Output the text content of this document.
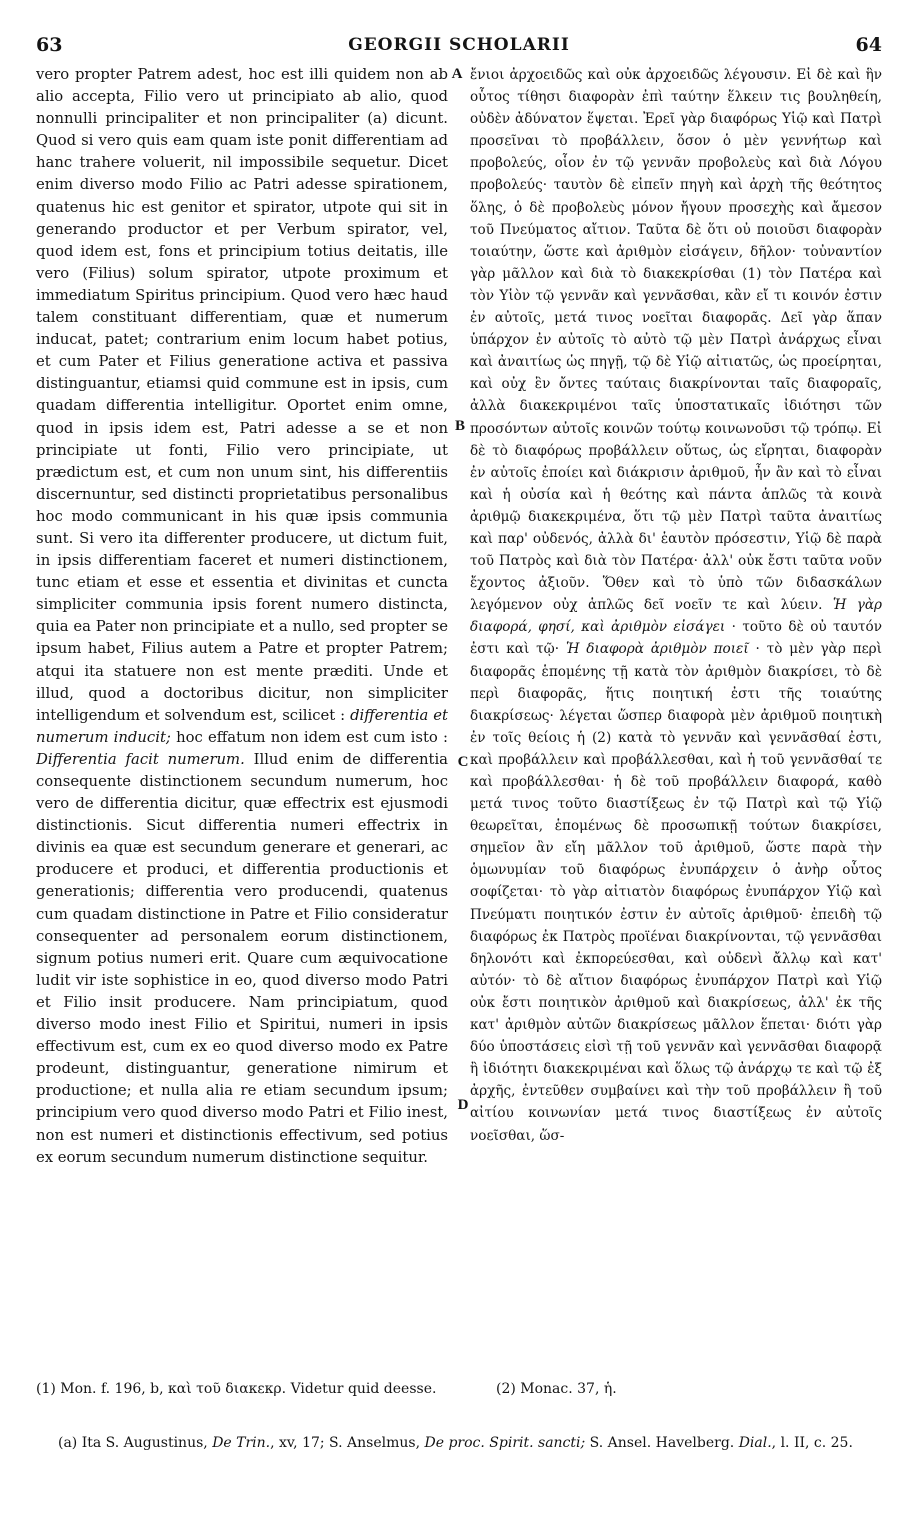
63	GEORGII SCHOLARII	64

vero propter Patrem adest, hoc est illi quidem non ab alio accepta, Filio vero ut principiato ab alio, quod nonnulli principaliter et non principaliter (a) dicunt. Quod si vero quis eam quam iste ponit differentiam ad hanc trahere voluerit, nil impossibile sequetur. Dicet enim diverso modo Filio ac Patri adesse spirationem, quatenus hic est genitor et spirator, utpote qui sit in generando productor et per Verbum spirator, vel, quod idem est, fons et principium totius deitatis, ille vero (Filius) solum spirator, utpote proximum et immediatum Spiritus principium. Quod vero hæc haud talem constituant differentiam, quæ et numerum inducat, patet; contrarium enim locum habet potius, et cum Pater et Filius generatione activa et passiva distinguantur, etiamsi quid commune est in ipsis, cum quadam differentia intelligitur. Oportet enim omne, quod in ipsis idem est, Patri adesse a se et non principiate ut fonti, Filio vero principiate, ut prædictum est, et cum non unum sint, his differentiis discernuntur, sed distincti proprietatibus personalibus hoc modo communicant in his quæ ipsis communia sunt. Si vero ita differenter producere, ut dictum fuit, in ipsis differentiam faceret et numeri distinctionem, tunc etiam et esse et essentia et divinitas et cuncta simpliciter communia ipsis forent numero distincta, quia ea Pater non principiate et a nullo, sed propter se ipsum habet, Filius autem a Patre et propter Patrem; atqui ita statuere non est mente præditi. Unde et illud, quod a doctoribus dicitur, non simpliciter intelligendum et solvendum est, scilicet : differentia et numerum inducit; hoc effatum non idem est cum isto : Differentia facit numerum. Illud enim de differentia consequente distinctionem secundum numerum, hoc vero de differentia dicitur, quæ effectrix est ejusmodi distinctionis. Sicut differentia numeri effectrix in divinis ea quæ est secundum generare et generari, ac producere et produci, et differentia productionis et generationis; differentia vero producendi, quatenus cum quadam distinctione in Patre et Filio consideratur consequenter ad personalem eorum distinctionem, signum potius numeri erit. Quare cum æquivocatione ludit vir iste sophistice in eo, quod diverso modo Patri et Filio insit producere. Nam principiatum, quod diverso modo inest Filio et Spiritui, numeri in ipsis effectivum est, cum ex eo quod diverso modo ex Patre prodeunt, distinguantur, generatione nimirum et productione; et nulla alia re etiam secundum ipsum; principium vero quod diverso modo Patri et Filio inest, non est numeri et distinctionis effectivum, sed potius ex eorum secundum numerum distinctione sequitur.

A
B
C
D

ἔνιοι ἀρχοειδῶς καὶ οὐκ ἀρχοειδῶς λέγουσιν. Εἰ δὲ καὶ ἣν οὗτος τίθησι διαφορὰν ἐπὶ ταύτην ἕλκειν τις βουληθείη, οὐδὲν ἀδύνατον ἕψεται. Ἐρεῖ γὰρ διαφόρως Υἱῷ καὶ Πατρὶ προσεῖναι τὸ προβάλλειν, ὅσον ὁ μὲν γεννήτωρ καὶ προβολεύς, οἷον ἐν τῷ γεννᾶν προβολεὺς καὶ διὰ Λόγου προβολεύς· ταυτὸν δὲ εἰπεῖν πηγὴ καὶ ἀρχὴ τῆς θεότητος ὅλης, ὁ δὲ προβολεὺς μόνον ἤγουν προσεχὴς καὶ ἄμεσον τοῦ Πνεύματος αἴτιον. Ταῦτα δὲ ὅτι οὐ ποιοῦσι διαφορὰν τοιαύτην, ὥστε καὶ ἀριθμὸν εἰσάγειν, δῆλον· τοὐναντίον γὰρ μᾶλλον καὶ διὰ τὸ διακεκρίσθαι (1) τὸν Πατέρα καὶ τὸν Υἱὸν τῷ γεννᾶν καὶ γεννᾶσθαι, κἂν εἴ τι κοινόν ἐστιν ἐν αὐτοῖς, μετά τινος νοεῖται διαφορᾶς. Δεῖ γὰρ ἅπαν ὑπάρχον ἐν αὐτοῖς τὸ αὐτὸ τῷ μὲν Πατρὶ ἀνάρχως εἶναι καὶ ἀναιτίως ὡς πηγῇ, τῷ δὲ Υἱῷ αἰτιατῶς, ὡς προείρηται, καὶ οὐχ ἓν ὄντες ταύταις διακρίνονται ταῖς διαφοραῖς, ἀλλὰ διακεκριμένοι ταῖς ὑποστατικαῖς ἰδιότησι τῶν προσόντων αὐτοῖς κοινῶν τούτῳ κοινωνοῦσι τῷ τρόπῳ. Εἰ δὲ τὸ διαφόρως προβάλλειν οὕτως, ὡς εἴρηται, διαφορὰν ἐν αὐτοῖς ἐποίει καὶ διάκρισιν ἀριθμοῦ, ἦν ἂν καὶ τὸ εἶναι καὶ ἡ οὐσία καὶ ἡ θεότης καὶ πάντα ἁπλῶς τὰ κοινὰ ἀριθμῷ διακεκριμένα, ὅτι τῷ μὲν Πατρὶ ταῦτα ἀναιτίως καὶ παρ' οὐδενός, ἀλλὰ δι' ἑαυτὸν πρόσεστιν, Υἱῷ δὲ παρὰ τοῦ Πατρὸς καὶ διὰ τὸν Πατέρα· ἀλλ' οὐκ ἔστι ταῦτα νοῦν ἔχοντος ἀξιοῦν. Ὅθεν καὶ τὸ ὑπὸ τῶν διδασκάλων λεγόμενον οὐχ ἁπλῶς δεῖ νοεῖν τε καὶ λύειν. Ἡ γὰρ διαφορά, φησί, καὶ ἀριθμὸν εἰσάγει · τοῦτο δὲ οὐ ταυτόν ἐστι καὶ τῷ· Ἡ διαφορὰ ἀριθμὸν ποιεῖ · τὸ μὲν γὰρ περὶ διαφορᾶς ἑπομένης τῇ κατὰ τὸν ἀριθμὸν διακρίσει, τὸ δὲ περὶ διαφορᾶς, ἥτις ποιητική ἐστι τῆς τοιαύτης διακρίσεως· λέγεται ὥσπερ διαφορὰ μὲν ἀριθμοῦ ποιητικὴ ἐν τοῖς θείοις ἡ (2) κατὰ τὸ γεννᾶν καὶ γεννᾶσθαί ἐστι, καὶ προβάλλειν καὶ προβάλλεσθαι, καὶ ἡ τοῦ γεννᾶσθαί τε καὶ προβάλλεσθαι· ἡ δὲ τοῦ προβάλλειν διαφορά, καθὸ μετά τινος τοῦτο διαστίξεως ἐν τῷ Πατρὶ καὶ τῷ Υἱῷ θεωρεῖται, ἑπομένως δὲ προσωπικῇ τούτων διακρίσει, σημεῖον ἂν εἴη μᾶλλον τοῦ ἀριθμοῦ, ὥστε παρὰ τὴν ὁμωνυμίαν τοῦ διαφόρως ἐνυπάρχειν ὁ ἀνὴρ οὗτος σοφίζεται· τὸ γὰρ αἰτιατὸν διαφόρως ἐνυπάρχον Υἱῷ καὶ Πνεύματι ποιητικόν ἐστιν ἐν αὐτοῖς ἀριθμοῦ· ἐπειδὴ τῷ διαφόρως ἐκ Πατρὸς προϊέναι διακρίνονται, τῷ γεννᾶσθαι δηλονότι καὶ ἐκπορεύεσθαι, καὶ οὐδενὶ ἄλλῳ καὶ κατ' αὐτόν· τὸ δὲ αἴτιον διαφόρως ἐνυπάρχον Πατρὶ καὶ Υἱῷ οὐκ ἔστι ποιητικὸν ἀριθμοῦ καὶ διακρίσεως, ἀλλ' ἐκ τῆς κατ' ἀριθμὸν αὐτῶν διακρίσεως μᾶλλον ἕπεται· διότι γὰρ δύο ὑποστάσεις εἰσὶ τῇ τοῦ γεννᾶν καὶ γεννᾶσθαι διαφορᾷ ἢ ἰδιότητι διακεκριμέναι καὶ ὅλως τῷ ἀνάρχῳ τε καὶ τῷ ἐξ ἀρχῆς, ἐντεῦθεν συμβαίνει καὶ τὴν τοῦ προβάλλειν ἢ τοῦ αἰτίου κοινωνίαν μετά τινος διαστίξεως ἐν αὐτοῖς νοεῖσθαι, ὥσ-

(1) Mon. f. 196, b, καὶ τοῦ διακεκρ. Videtur quid deesse.	(2) Monac. 37, ἡ.
(a) Ita S. Augustinus, De Trin., xv, 17; S. Anselmus, De proc. Spirit. sancti; S. Ansel. Havelberg. Dial., l. II, c. 25.
